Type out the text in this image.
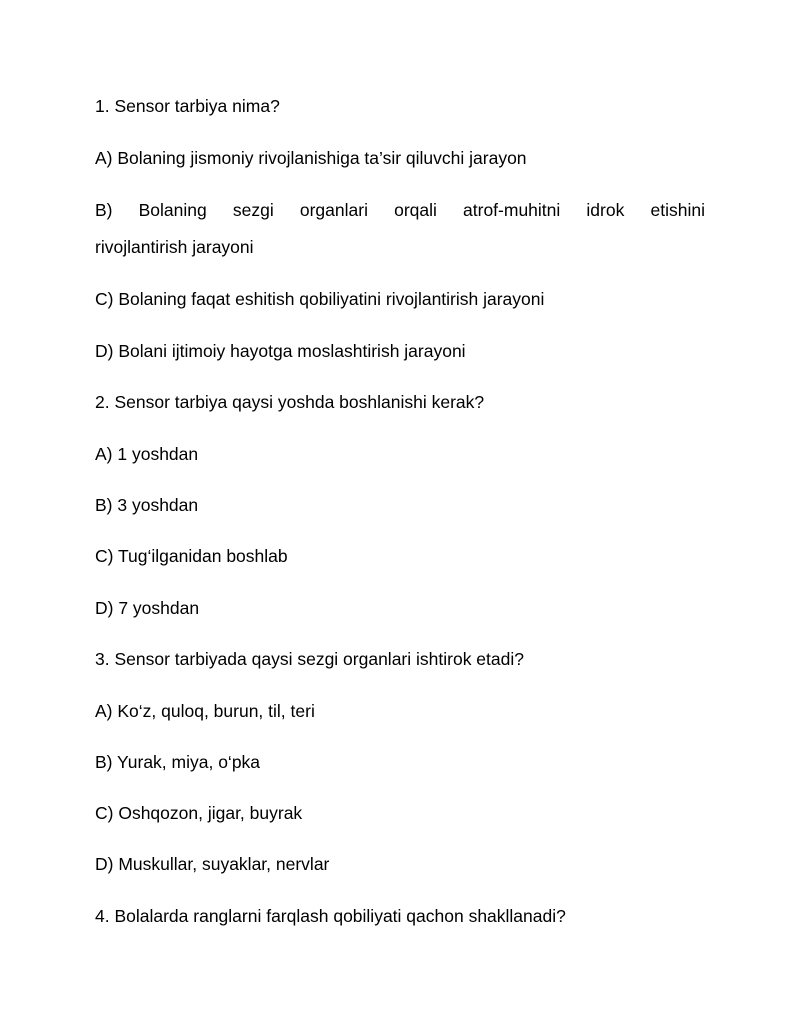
1. Sensor tarbiya nima?
A) Bolaning jismoniy rivojlanishiga ta’sir qiluvchi jarayon
B) Bolaning sezgi organlari orqali atrof-muhitni idrok etishini
rivojlantirish jarayoni
C) Bolaning faqat eshitish qobiliyatini rivojlantirish jarayoni
D) Bolani ijtimoiy hayotga moslashtirish jarayoni
2. Sensor tarbiya qaysi yoshda boshlanishi kerak?
A) 1 yoshdan
B) 3 yoshdan
C) Tug‘ilganidan boshlab
D) 7 yoshdan
3. Sensor tarbiyada qaysi sezgi organlari ishtirok etadi?
A) Ko‘z, quloq, burun, til, teri
B) Yurak, miya, o‘pka
C) Oshqozon, jigar, buyrak
D) Muskullar, suyaklar, nervlar
4. Bolalarda ranglarni farqlash qobiliyati qachon shakllanadi?
